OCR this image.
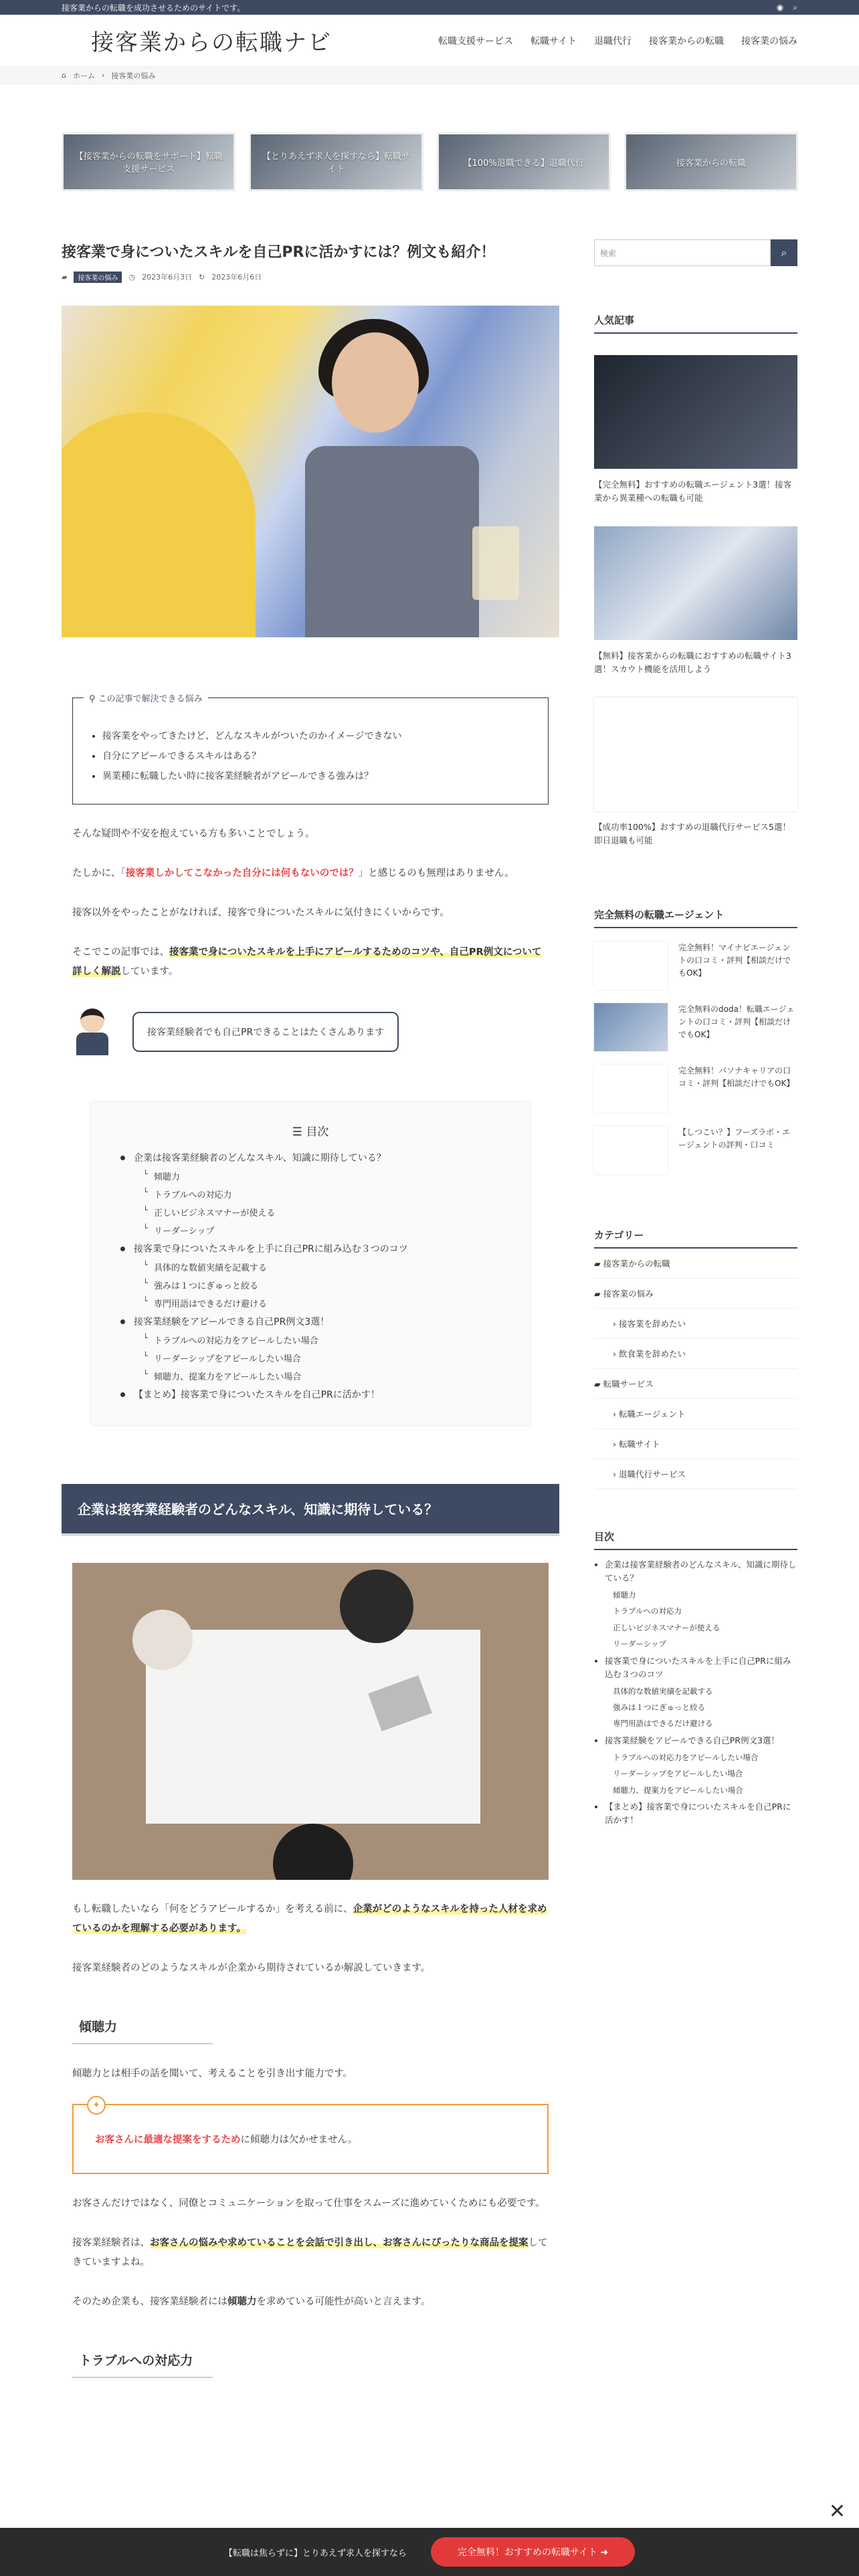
接客業からの転職を成功させるためのサイトです。	◉ ⌕
接客業からの転職ナビ	転職支援サービス 転職サイト 退職代行 接客業からの転職 接客業の悩み
⌂ ホーム › 接客業の悩み
【接客業からの転職をサポート】転職支援サービス
【とりあえず求人を探すなら】転職サイト
【100%退職できる】退職代行	接客業からの転職
接客業で身についたスキルを自己PRに活かすには？例文も紹介！
▰	接客業の悩み	◷ 2023年6月3日 ↻ 2023年6月6日
⚲ この記事で解決できる悩み
• 接客業をやってきたけど、どんなスキルがついたのかイメージできない
• 自分にアピールできるスキルはある？
• 異業種に転職したい時に接客業経験者がアピールできる強みは？

そんな疑問や不安を抱えている方も多いことでしょう。

たしかに、「接客業しかしてこなかった自分には何もないのでは？」と感じるのも無理はありません。

接客以外をやったことがなければ、接客で身についたスキルに気付きにくいからです。

そこでこの記事では、接客業で身についたスキルを上手にアピールするためのコツや、自己PR例文について詳しく解説しています。

接客業経験者でも自己PRできることはたくさんあります
☰ 目次
企業は接客業経験者のどんなスキル、知識に期待している？
└ 傾聴力
└ トラブルへの対応力
└ 正しいビジネスマナーが使える
└ リーダーシップ
接客業で身についたスキルを上手に自己PRに組み込む３つのコツ
└ 具体的な数値実績を記載する
└ 強みは１つにぎゅっと絞る
└ 専門用語はできるだけ避ける
接客業経験をアピールできる自己PR例文3選！
└ トラブルへの対応力をアピールしたい場合
└ リーダーシップをアピールしたい場合
└ 傾聴力、提案力をアピールしたい場合
【まとめ】接客業で身についたスキルを自己PRに活かす！
企業は接客業経験者のどんなスキル、知識に期待している？

もし転職したいなら「何をどうアピールするか」を考える前に、企業がどのようなスキルを持った人材を求めているのかを理解する必要があります。

接客業経験者のどのようなスキルが企業から期待されているか解説していきます。

傾聴力

傾聴力とは相手の話を聞いて、考えることを引き出す能力です。

✦
お客さんに最適な提案をするために傾聴力は欠かせません。

お客さんだけではなく、同僚とコミュニケーションを取って仕事をスムーズに進めていくためにも必要です。

接客業経験者は、お客さんの悩みや求めていることを会話で引き出し、お客さんにぴったりな商品を提案してきていますよね。

そのため企業も、接客業経験者には傾聴力を求めている可能性が高いと言えます。

トラブルへの対応力
検索	⌕
人気記事
【完全無料】おすすめの転職エージェント3選！接客業から異業種への転職も可能
【無料】接客業からの転職におすすめの転職サイト3選！スカウト機能を活用しよう
【成功率100%】おすすめの退職代行サービス5選！即日退職も可能
完全無料の転職エージェント
完全無料！マイナビエージェントの口コミ・評判【相談だけでもOK】
完全無料のdoda！転職エージェントの口コミ・評判【相談だけでもOK】
完全無料！パソナキャリアの口コミ・評判【相談だけでもOK】
【しつこい？】フーズラボ・エージェントの評判・口コミ
カテゴリー
▰ 接客業からの転職
▰ 接客業の悩み
› 接客業を辞めたい
› 飲食業を辞めたい
▰ 転職サービス
› 転職エージェント
› 転職サイト
› 退職代行サービス
目次
• 企業は接客業経験者のどんなスキル、知識に期待している？
傾聴力
トラブルへの対応力
正しいビジネスマナーが使える
リーダーシップ
• 接客業で身についたスキルを上手に自己PRに組み込む３つのコツ
具体的な数値実績を記載する
強みは１つにぎゅっと絞る
専門用語はできるだけ避ける
• 接客業経験をアピールできる自己PR例文3選！
トラブルへの対応力をアピールしたい場合
リーダーシップをアピールしたい場合
傾聴力、提案力をアピールしたい場合
• 【まとめ】接客業で身についたスキルを自己PRに活かす！
✕
【転職は焦らずに】とりあえず求人を探すなら	完全無料！おすすめの転職サイト ➜
